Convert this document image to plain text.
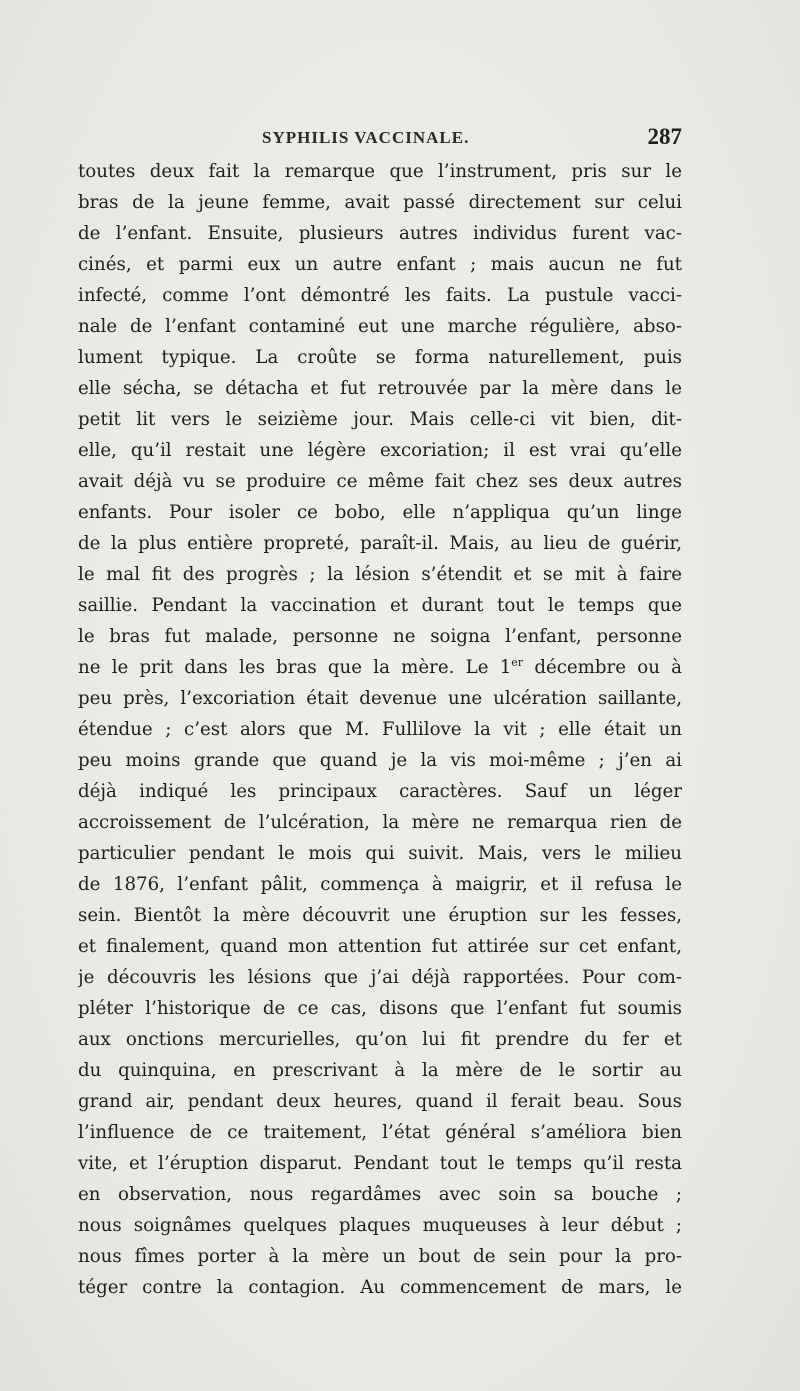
SYPHILIS VACCINALE.	287
toutes deux fait la remarque que l’instrument, pris sur le
bras de la jeune femme, avait passé directement sur celui
de l’enfant. Ensuite, plusieurs autres individus furent vac-
cinés, et parmi eux un autre enfant ; mais aucun ne fut
infecté, comme l’ont démontré les faits. La pustule vacci-
nale de l’enfant contaminé eut une marche régulière, abso-
lument typique. La croûte se forma naturellement, puis
elle sécha, se détacha et fut retrouvée par la mère dans le
petit lit vers le seizième jour. Mais celle-ci vit bien, dit-
elle, qu’il restait une légère excoriation; il est vrai qu’elle
avait déjà vu se produire ce même fait chez ses deux autres
enfants. Pour isoler ce bobo, elle n’appliqua qu’un linge
de la plus entière propreté, paraît-il. Mais, au lieu de guérir,
le mal fit des progrès ; la lésion s’étendit et se mit à faire
saillie. Pendant la vaccination et durant tout le temps que
le bras fut malade, personne ne soigna l’enfant, personne
ne le prit dans les bras que la mère. Le 1er décembre ou à
peu près, l’excoriation était devenue une ulcération saillante,
étendue ; c’est alors que M. Fullilove la vit ; elle était un
peu moins grande que quand je la vis moi-même ; j’en ai
déjà indiqué les principaux caractères. Sauf un léger
accroissement de l’ulcération, la mère ne remarqua rien de
particulier pendant le mois qui suivit. Mais, vers le milieu
de 1876, l’enfant pâlit, commença à maigrir, et il refusa le
sein. Bientôt la mère découvrit une éruption sur les fesses,
et finalement, quand mon attention fut attirée sur cet enfant,
je découvris les lésions que j’ai déjà rapportées. Pour com-
pléter l’historique de ce cas, disons que l’enfant fut soumis
aux onctions mercurielles, qu’on lui fit prendre du fer et
du quinquina, en prescrivant à la mère de le sortir au
grand air, pendant deux heures, quand il ferait beau. Sous
l’influence de ce traitement, l’état général s’améliora bien
vite, et l’éruption disparut. Pendant tout le temps qu’il resta
en observation, nous regardâmes avec soin sa bouche ;
nous soignâmes quelques plaques muqueuses à leur début ;
nous fîmes porter à la mère un bout de sein pour la pro-
téger contre la contagion. Au commencement de mars, le
